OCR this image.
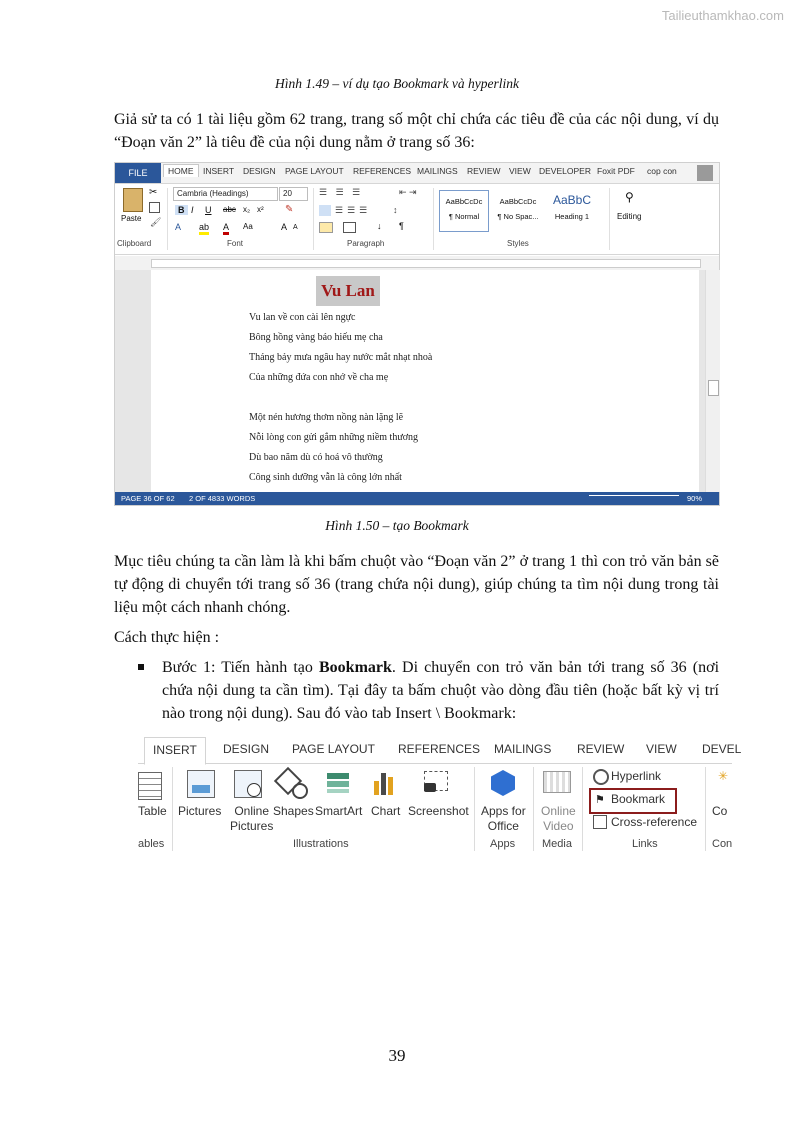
Tailieuthamkhao.com
Hình 1.49 – ví dụ tạo Bookmark và hyperlink
Giả sử ta có 1 tài liệu gồm 62 trang, trang số một chỉ chứa các tiêu đề của các nội dung, ví dụ “Đoạn văn 2” là tiêu đề của nội dung nằm ở trang số 36:
FILE	HOME	INSERT DESIGN PAGE LAYOUT REFERENCES MAILINGS REVIEW VIEW DEVELOPER Foxit PDF cop con
Paste
✂
🖌
Clipboard
Cambria (Headings)	20
B I U abc x₂ x² ✎
A ab A Aa	A A
Font
☰ ☰ ☰	⇤ ⇥
☰☰☰ ↕
↓ ¶
Paragraph
AaBbCcDc
¶ Normal
AaBbCcDc
¶ No Spac...
AaBbC
Heading 1
Styles
⚲
Editing
Vu Lan
Vu lan về con cài lên ngực
Bông hồng vàng báo hiếu mẹ cha
Tháng bảy mưa ngâu hay nước mắt nhạt nhoà
Của những đứa con nhớ về cha mẹ
Một nén hương thơm nồng nàn lặng lẽ
Nỗi lòng con gửi gắm những niềm thương
Dù bao năm dù có hoá vô thường
Công sinh dưỡng vẫn là công lớn nhất
PAGE 36 OF 62 2 OF 4833 WORDS	90%
Hình 1.50 – tạo Bookmark
Mục tiêu chúng ta cần làm là khi bấm chuột vào “Đoạn văn 2” ở trang 1 thì con trỏ văn bản sẽ tự động di chuyển tới trang số 36 (trang chứa nội dung), giúp chúng ta tìm nội dung trong tài liệu một cách nhanh chóng.
Cách thực hiện :
Bước 1: Tiến hành tạo Bookmark. Di chuyển con trỏ văn bản tới trang số 36 (nơi chứa nội dung ta cần tìm). Tại đây ta bấm chuột vào dòng đầu tiên (hoặc bất kỳ vị trí nào trong nội dung). Sau đó vào tab Insert \ Bookmark:
INSERT	DESIGN PAGE LAYOUT REFERENCES MAILINGS REVIEW VIEW DEVEL
Table
ables
Pictures	Online
Pictures
Shapes SmartArt Chart Screenshot
Illustrations
Apps for
Office
Apps
Online
Video
Media
Hyperlink
⚑ Bookmark
Cross-reference
Links
✳
Co
Con
39
